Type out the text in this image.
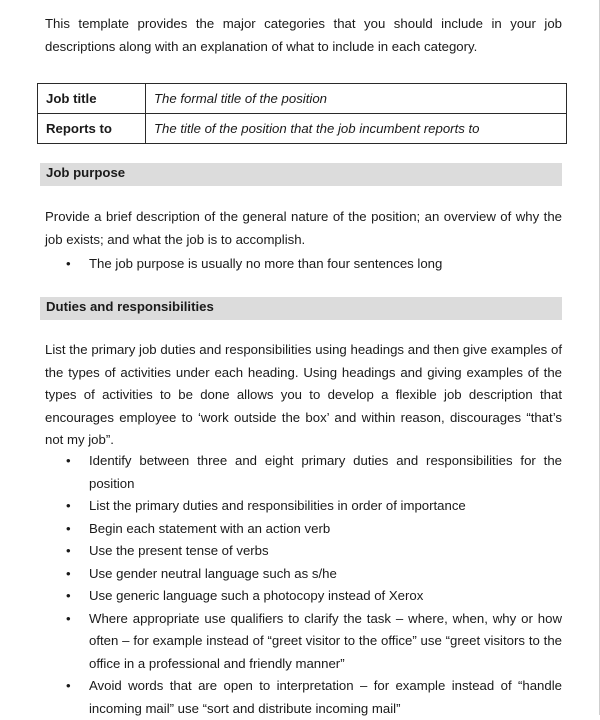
This template provides the major categories that you should include in your job descriptions along with an explanation of what to include in each category.

Job title	The formal title of the position
Reports to	The title of the position that the job incumbent reports to
Job purpose

Provide a brief description of the general nature of the position; an overview of why the job exists; and what the job is to accomplish.

• The job purpose is usually no more than four sentences long
Duties and responsibilities

List the primary job duties and responsibilities using headings and then give examples of the types of activities under each heading. Using headings and giving examples of the types of activities to be done allows you to develop a flexible job description that encourages employee to ‘work outside the box’ and within reason, discourages “that’s not my job”.

• Identify between three and eight primary duties and responsibilities for the position
• List the primary duties and responsibilities in order of importance
• Begin each statement with an action verb
• Use the present tense of verbs
• Use gender neutral language such as s/he
• Use generic language such a photocopy instead of Xerox
• Where appropriate use qualifiers to clarify the task – where, when, why or how often – for example instead of “greet visitor to the office” use “greet visitors to the office in a professional and friendly manner”
• Avoid words that are open to interpretation – for example instead of “handle incoming mail” use “sort and distribute incoming mail”
